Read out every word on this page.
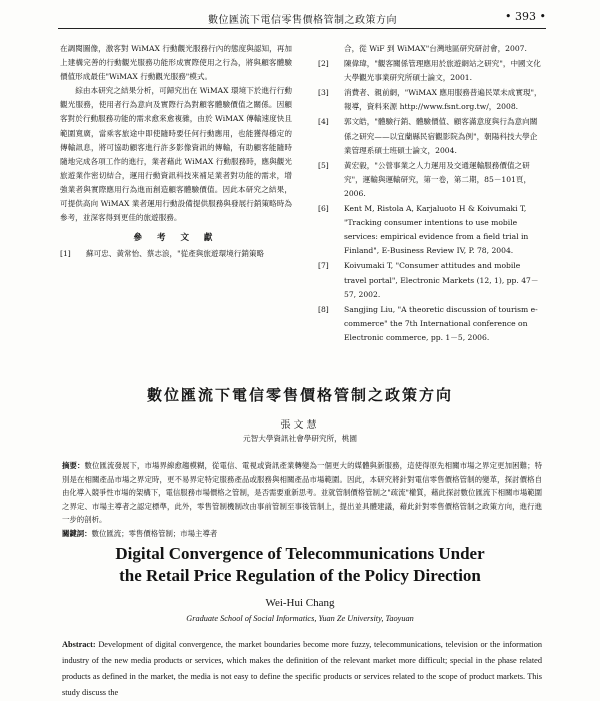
數位匯流下電信零售價格管制之政策方向	• 393 •

在調閱圖像，激客對 WiMAX 行動觀光服務行內的態度與認知，再加上建構完善的行動觀光服務功能形成實際使用之行為，將與顧客體驗價值形成最佳"WiMAX 行動觀光服務"模式。

綜由本研究之結果分析，可歸究出在 WiMAX 環境下於進行行動觀光服務，使用者行為意向及實際行為對顧客體驗價值之關係。因顧客對於行動服務功能的需求愈來愈複雜，由於 WiMAX 傳輸速度快且範圍寬廣，當乘客旅途中即使隨時要任何行動應用，也能獲得穩定的傳輸訊息，將可協助顧客進行許多影像資訊的傳輸，有助顧客能隨時隨地完成各項工作的進行，業者藉此 WiMAX 行動服務時，應與觀光旅遊業作密切結合，運用行動資訊科技來補足業者對功能的需求，增強業者與實際應用行為進而創造顧客體驗價值。因此本研究之結果，可提供高向 WiMAX 業者運用行動設備提供服務與發展行銷策略時為參考，並深客得到更佳的旅遊服務。

參 考 文 獻
[1]	蘇可忠、黃常怡、蔡志浪，"從產與旅遊環境行銷策略
合，從 WiF 到 WiMAX"台灣地區研究研討會，2007.
[2]	陳偉瑋，"觀客關係管理應用於旅遊網站之研究"，中國文化大學觀光事業研究所碩士論文，2001.
[3]	消費者、親前網，"WiMAX 應用服務普遍民眾未成實現"，報導，資料來源 http://www.fsnt.org.tw/，2008.
[4]	郭文皓，"體驗行銷、體驗價值、顧客滿意度與行為意向關係之研究——以宜蘭縣民宿觀影院為例"，朝陽科技大學企業管理系碩士班碩士論文，2004.
[5]	黃宏毅，"公營事業之人力運用及交通運輸服務價值之研究"，運輸與運輸研究，第一卷，第二期，85－101頁，2006.
[6]	Kent M, Ristola A, Karjaluoto H & Koivumaki T, "Tracking consumer intentions to use mobile services: empirical evidence from a field trial in Finland", E-Business Review IV, P. 78, 2004.
[7]	Koivumaki T, "Consumer attitudes and mobile travel portal", Electronic Markets (12, 1), pp. 47－57, 2002.
[8]	Sangjing Liu, "A theoretic discussion of tourism e-commerce" the 7th International conference on Electronic commerce, pp. 1－5, 2006.
數位匯流下電信零售價格管制之政策方向
張文慧
元智大學資訊社會學研究所，桃園
摘要：數位匯流發展下，市場界線愈趨模糊，從電信、電視或資訊產業轉變為一個更大的媒體與新服務，這使得原先相關市場之界定更加困難；特別是在相關產品市場之界定時，更不易界定特定服務產品或服務與相關產品市場範圍。因此，本研究將針對電信零售價格管制的變革，探討價格自由化導入競爭性市場的架構下，電信服務市場價格之管制，是否需要重新思考。並就管制價格管制之"疏流"權質，藉此探討數位匯流下相關市場範圍之界定、市場主導者之認定標準，此外，零售管制機制改由事前管制至事後管制上，提出並具體建議，藉此針對零售價格管制之政策方向，進行進一步的剖析。
關鍵詞：數位匯流；零售價格管制；市場主導者
Digital Convergence of Telecommunications Under
the Retail Price Regulation of the Policy Direction
Wei-Hui Chang
Graduate School of Social Informatics, Yuan Ze University, Taoyuan
Abstract: Development of digital convergence, the market boundaries become more fuzzy, telecommunications, television or the information industry of the new media products or services, which makes the definition of the relevant market more difficult; special in the phase related products as defined in the market, the media is not easy to define the specific products or services related to the scope of product markets. This study discuss the
